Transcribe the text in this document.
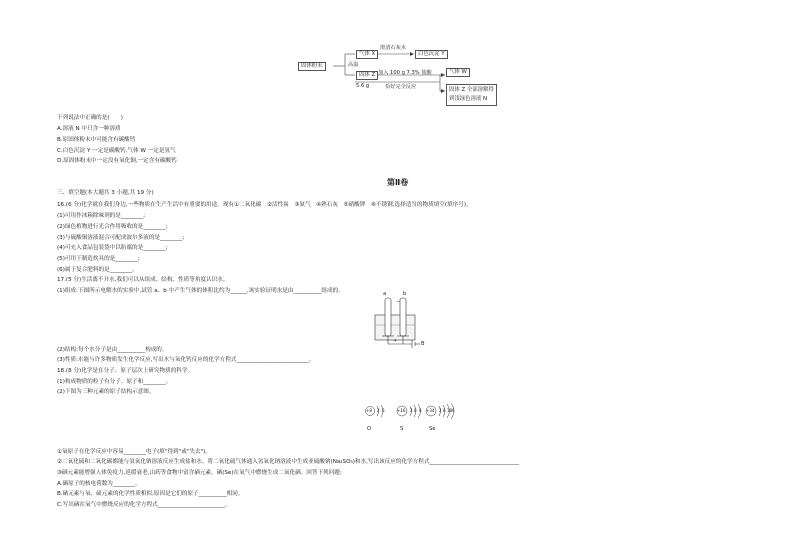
固体粉末	高温
气体 X
澄清石灰水
白色沉淀 Y
固体 Z
5.6 g
加入 100 g 7.3% 盐酸
恰好完全反应
气体 W
固体 Z 全部溶解得
到浅绿色溶液 N
下列说法中正确的是(　　)
A.溶液 N 中只含一种溶质
B.原固体粉末中可能含有碳酸钙
C.白色沉淀 Y 一定是碳酸钙,气体 W 一定是氢气
D.原固体粉末中一定没有氧化铜,一定含有碳酸钙
第Ⅱ卷
三、填空题(本大题共 3 小题,共 19 分)
16.(6 分)化学就在我们身边,一些物质在生产生活中有重要的用途。现有①二氧化碳　②活性炭　③氮气　④熟石灰　⑤硝酸钾　⑥不锈钢,选择适当的物质填空(填序号)。
(1)可用作冰箱除味剂的是________;
(2)绿色植物进行光合作用吸收的是________;
(3)与硫酸铜溶液混合可配成波尔多液的是________;
(4)可充入食品包装袋中以防腐的是________;
(5)可用于制造炊具的是________;
(6)属于复合肥料的是________。
17.(5 分)生活离不开水,我们可以从组成、结构、性质等角度认识水。
(1)组成:下图所示电解水的实验中,试管 a、b 中产生气体的体积比约为______,该实验证明水是由__________组成的。	a	b
−
+	B
(2)结构:每个水分子是由__________构成的。
(3)性质:水能与许多物质发生化学反应,写出水与氧化钙反应的化学方程式__________________________。
18.(8 分)化学是在分子、原子层次上研究物质的科学。
(1)构成物质的粒子有分子、原子和________。
(2)下图为三种元素的原子结构示意图。
+8 2 6	+16 2 8 6 +34 2 8 18 6
O	S	Se
①氧原子在化学反应中容易________电子(填"得到"或"失去")。
②二氧化硫和二氧化碳都能与氢氧化钠溶液反应生成盐和水。将二氧化硫气体通入氢氧化钠溶液中生成亚硫酸钠(Na₂SO₃)和水,写出该反应的化学方程式________________________________
③硒元素能增强人体免疫力,延缓衰老,山药等食物中富含硒元素。硒(Se)在氧气中燃烧生成二氧化硒。回答下列问题:
A.硒原子的核电荷数为________。
B.硒元素与氧、硫元素的化学性质相似,原因是它们的原子__________相同。
C.写出硒在氧气中燃烧反应的化学方程式________________________。
